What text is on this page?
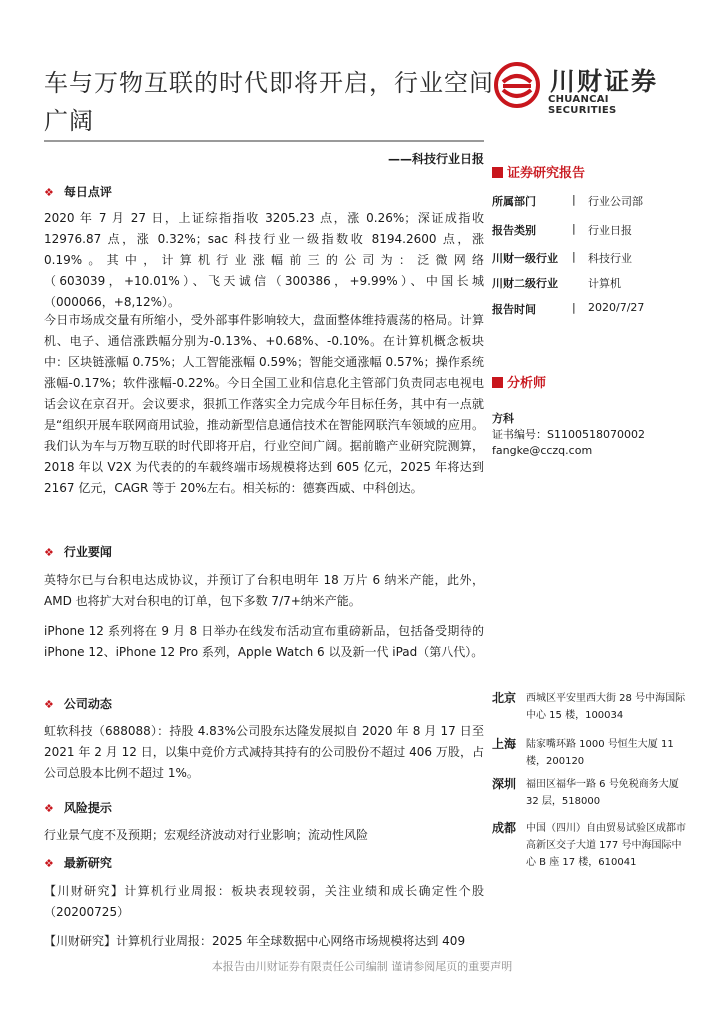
车与万物互联的时代即将开启，行业空间广阔
川财证券
CHUANCAI SECURITIES
——科技行业日报
❖ 每日点评
2020 年 7 月 27 日，上证综指指收 3205.23 点，涨 0.26%；深证成指收 12976.87 点，涨 0.32%；sac 科技行业一级指数收 8194.2600 点，涨 0.19%。其中，计算机行业涨幅前三的公司为：泛微网络（603039，+10.01%）、飞天诚信（300386，+9.99%）、中国长城（000066，+8,12%）。
今日市场成交量有所缩小，受外部事件影响较大，盘面整体维持震荡的格局。计算机、电子、通信涨跌幅分别为-0.13%、+0.68%、-0.10%。在计算机概念板块中：区块链涨幅 0.75%；人工智能涨幅 0.59%；智能交通涨幅 0.57%；操作系统涨幅-0.17%；软件涨幅-0.22%。今日全国工业和信息化主管部门负责同志电视电话会议在京召开。会议要求，狠抓工作落实全力完成今年目标任务，其中有一点就是“组织开展车联网商用试验，推动新型信息通信技术在智能网联汽车领域的应用。我们认为车与万物互联的时代即将开启，行业空间广阔。据前瞻产业研究院测算，2018 年以 V2X 为代表的的车载终端市场规模将达到 605 亿元，2025 年将达到 2167 亿元，CAGR 等于 20%左右。相关标的：德赛西威、中科创达。
❖ 行业要闻
英特尔已与台积电达成协议，并预订了台积电明年 18 万片 6 纳米产能，此外，AMD 也将扩大对台积电的订单，包下多数 7/7+纳米产能。
iPhone 12 系列将在 9 月 8 日举办在线发布活动宣布重磅新品，包括备受期待的 iPhone 12、iPhone 12 Pro 系列，Apple Watch 6 以及新一代 iPad（第八代）。
❖ 公司动态
虹软科技（688088）：持股 4.83%公司股东达隆发展拟自 2020 年 8 月 17 日至 2021 年 2 月 12 日，以集中竞价方式减持其持有的公司股份不超过 406 万股，占公司总股本比例不超过 1%。
❖ 风险提示
行业景气度不及预期；宏观经济波动对行业影响；流动性风险
❖ 最新研究
【川财研究】计算机行业周报：板块表现较弱，关注业绩和成长确定性个股（20200725）
【川财研究】计算机行业周报：2025 年全球数据中心网络市场规模将达到 409
证券研究报告
所属部门	| 行业公司部
报告类别	| 行业日报
川财一级行业 | 科技行业
川财二级行业	计算机
报告时间	| 2020/7/27
分析师
方科
证书编号：S1100518070002
fangke@cczq.com
北京 西城区平安里西大街 28 号中海国际中心 15 楼，100034
上海 陆家嘴环路 1000 号恒生大厦 11 楼，200120
深圳 福田区福华一路 6 号免税商务大厦 32 层，518000
成都 中国（四川）自由贸易试验区成都市高新区交子大道 177 号中海国际中心 B 座 17 楼，610041
本报告由川财证券有限责任公司编制 谨请参阅尾页的重要声明
